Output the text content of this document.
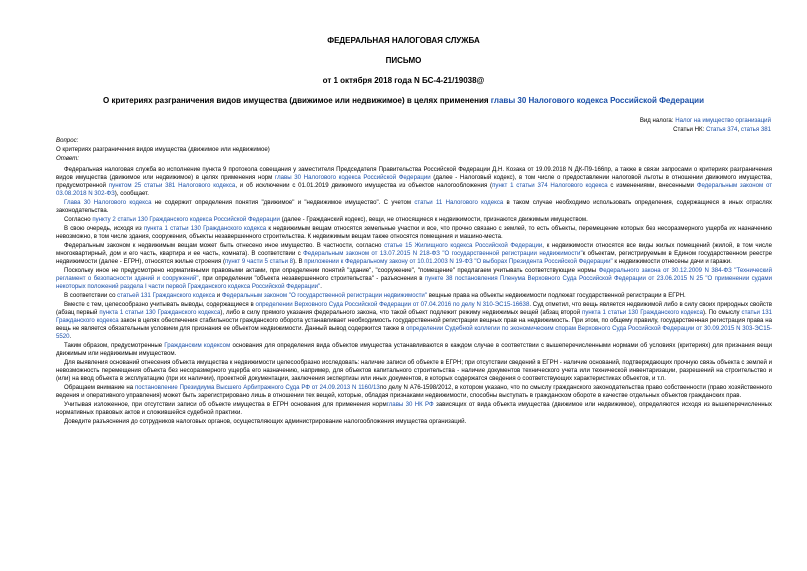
ФЕДЕРАЛЬНАЯ НАЛОГОВАЯ СЛУЖБА
ПИСЬМО
от 1 октября 2018 года N БС-4-21/19038@
О критериях разграничения видов имущества (движимое или недвижимое) в целях применения главы 30 Налогового кодекса Российской Федерации
Вид налога: Налог на имущество организаций
Статьи НК: Статья 374, статья 381
Вопрос:
О критериях разграничения видов имущества (движимое или недвижимое)
Ответ:

Федеральная налоговая служба во исполнение пункта 9 протокола совещания у заместителя Председателя Правительства Российской Федерации Д.Н. Козака от 19.09.2018 N ДК-П9-166пр, а также в связи запросами о критериях разграничения видов имущества (движимое или недвижимое) в целях применения норм главы 30 Налогового кодекса Российской Федерации (далее - Налоговый кодекс), в том числе о предоставлении налоговой льготы в отношении движимого имущества, предусмотренной пунктом 25 статьи 381 Налогового кодекса, и об исключении с 01.01.2019 движимого имущества из объектов налогообложения (пункт 1 статьи 374 Налогового кодекса с изменениями, внесенными Федеральным законом от 03.08.2018 N 302-ФЗ), сообщает.

Глава 30 Налогового кодекса не содержит определения понятия "движимое" и "недвижимое имущество". С учетом статьи 11 Налогового кодекса в таком случае необходимо использовать определения, содержащиеся в иных отраслях законодательства.

Согласно пункту 2 статьи 130 Гражданского кодекса Российской Федерации (далее - Гражданский кодекс), вещи, не относящиеся к недвижимости, признаются движимым имуществом.

В свою очередь, исходя из пункта 1 статьи 130 Гражданского кодекса к недвижимым вещам относятся земельные участки и все, что прочно связано с землей, то есть объекты, перемещение которых без несоразмерного ущерба их назначению невозможно, в том числе здания, сооружения, объекты незавершенного строительства. К недвижимым вещам также относятся помещения и машино-места.

Федеральным законом к недвижимым вещам может быть отнесено иное имущество. В частности, согласно статье 15 Жилищного кодекса Российской Федерации, к недвижимости относятся все виды жилых помещений (жилой, в том числе многоквартирный, дом и его часть, квартира и ее часть, комната). В соответствии с Федеральным законом от 13.07.2015 N 218-ФЗ "О государственной регистрации недвижимости"к объектам, регистрируемым в Едином государственном реестре недвижимости (далее - ЕГРН), относятся жилые строения (пункт 9 части 5 статьи 8). В приложении к Федеральному закону от 10.01.2003 N 19-ФЗ "О выборах Президента Российской Федерации" к недвижимости отнесены дачи и гаражи.

Поскольку иное не предусмотрено нормативными правовыми актами, при определении понятий "здание", "сооружение", "помещение" предлагаем учитывать соответствующие нормы Федерального закона от 30.12.2009 N 384-ФЗ "Технический регламент о безопасности зданий и сооружений", при определении "объекта незавершенного строительства" - разъяснения в пункте 38 постановления Пленума Верховного Суда Российской Федерации от 23.06.2015 N 25 "О применении судами некоторых положений раздела I части первой Гражданского кодекса Российской Федерации".

В соответствии со статьей 131 Гражданского кодекса и Федеральным законом "О государственной регистрации недвижимости" вещные права на объекты недвижимости подлежат государственной регистрации в ЕГРН.

Вместе с тем, целесообразно учитывать выводы, содержащиеся в определении Верховного Суда Российской Федерации от 07.04.2016 по делу N 310-ЭС15-16638. Суд отметил, что вещь является недвижимой либо в силу своих природных свойств (абзац первый пункта 1 статьи 130 Гражданского кодекса), либо в силу прямого указания федерального закона, что такой объект подлежит режиму недвижимых вещей (абзац второй пункта 1 статьи 130 Гражданского кодекса). По смыслу статьи 131 Гражданского кодекса закон в целях обеспечения стабильности гражданского оборота устанавливает необходимость государственной регистрации вещных прав на недвижимость. При этом, по общему правилу, государственная регистрация права на вещь не является обязательным условием для признания ее объектом недвижимости. Данный вывод содержится также в определении Судебной коллегии по экономическим спорам Верховного Суда Российской Федерации от 30.09.2015 N 303-ЭС15-5520.

Таким образом, предусмотренные Гражданским кодексом основания для определения вида объектов имущества устанавливаются в каждом случае в соответствии с вышеперечисленными нормами об условиях (критериях) для признания вещи движимым или недвижимым имуществом.

Для выявления оснований отнесения объекта имущества к недвижимости целесообразно исследовать: наличие записи об объекте в ЕГРН; при отсутствии сведений в ЕГРН - наличие оснований, подтверждающих прочную связь объекта с землей и невозможность перемещения объекта без несоразмерного ущерба его назначению, например, для объектов капитального строительства - наличие документов технического учета или технической инвентаризации, разрешений на строительство и (или) на ввод объекта в эксплуатацию (при их наличии), проектной документации, заключения экспертизы или иных документов, в которых содержатся сведения о соответствующих характеристиках объектов, и т.п.

Обращаем внимание на постановление Президиума Высшего Арбитражного Суда РФ от 24.09.2013 N 1160/13по делу N А76-1598/2012, в котором указано, что по смыслу гражданского законодательства право собственности (право хозяйственного ведения и оперативного управления) может быть зарегистрировано лишь в отношении тех вещей, которые, обладая признаками недвижимости, способны выступать в гражданском обороте в качестве отдельных объектов гражданских прав.

Учитывая изложенное, при отсутствии записи об объекте имущества в ЕГРН основания для применения нормглавы 30 НК РФ зависящих от вида объекта имущества (движимое или недвижимое), определяются исходя из вышеперечисленных нормативных правовых актов и сложившейся судебной практики.

Доведите разъяснения до сотрудников налоговых органов, осуществляющих администрирование налогообложения имущества организаций.
